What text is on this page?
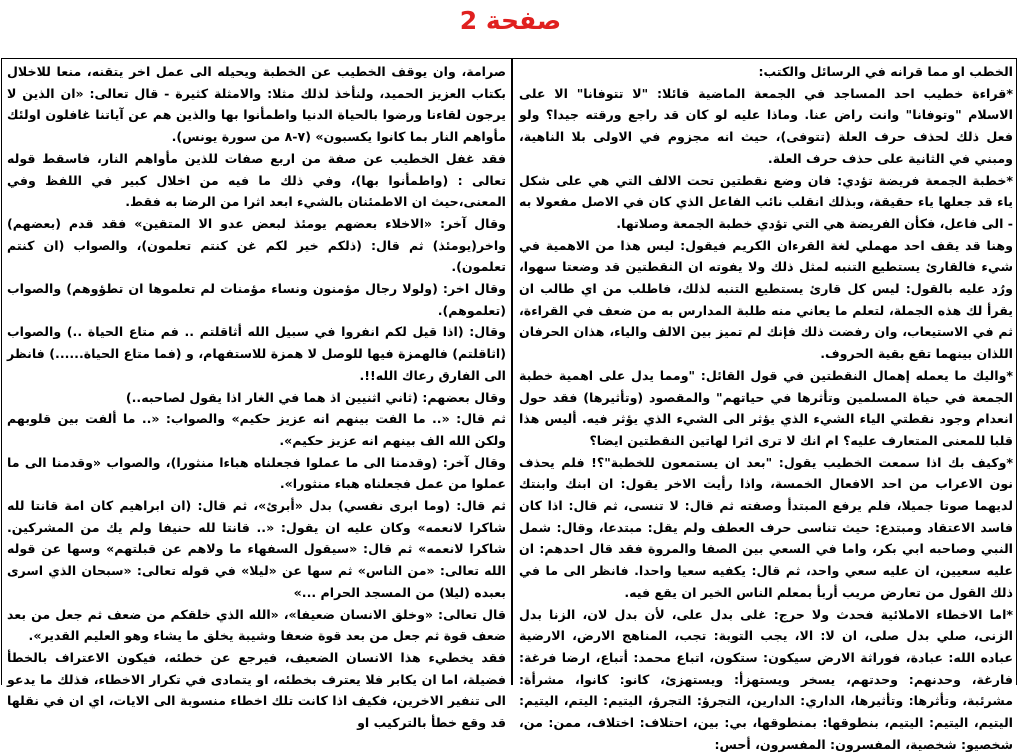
صفحة 2

الخطب او مما قرانه في الرسائل والكتب:

*قراءة خطيب احد المساجد في الجمعة الماضية قائلا: "لا تتوفانا" الا على الاسلام "وتوفانا" وانت راض عنا. وماذا عليه لو كان قد راجع ورقته جيدا؟ ولو فعل ذلك لحذف حرف العلة (تتوفى)، حيث انه مجزوم في الاولى بلا الناهية، ومبني في الثانية على حذف حرف العلة.

*خطبة الجمعة فريضة تؤدي: فان وضع نقطتين تحت الالف التي هي على شكل ياء قد جعلها ياء حقيقة، وبذلك انقلب نائب الفاعل الذي كان في الاصل مفعولا به - الى فاعل، فكأن الفريضة هي التي تؤدي خطبة الجمعة وصلاتها.

وهنا قد يقف احد مهملي لغة القرءان الكريم فيقول: ليس هذا من الاهمية في شيء فالقارئ يستطيع التنبه لمثل ذلك ولا يفوته ان النقطتين قد وضعتا سهوا، ورُد عليه بالقول: ليس كل قارئ يستطيع التنبه لذلك، فاطلب من اي طالب ان يقرأ لك هذه الجملة، لتعلم ما يعاني منه طلبة المدارس به من ضعف في القراءة، ثم في الاستيعاب، وان رفضت ذلك فإنك لم تميز بين الالف والياء، هذان الحرفان اللذان بينهما تقع بقية الحروف.

*واليك ما يعمله إهمال النقطتين في قول القائل: "ومما يدل على اهمية خطبة الجمعة في حياة المسلمين وتأثرها في حياتهم" والمقصود (وتأثيرها) فقد حول انعدام وجود نقطتي الياء الشيء الذي يؤثر الى الشيء الذي يؤثر فيه. أليس هذا قلبا للمعنى المتعارف عليه؟ ام انك لا ترى اثرا لهاتين النقطتين ايضا؟

*وكيف بك اذا سمعت الخطيب يقول: "بعد ان يستمعون للخطبة"؟! فلم يحذف نون الاعراب من احد الافعال الخمسة، واذا رأيت الاخر يقول: ان ابنك وابنتك لديهما صوتا جميلا، فلم يرفع المبتدأ وصفته ثم قال: لا تنسى، ثم قال: اذا كان فاسد الاعتقاد ومبتدع: حيث تناسى حرف العطف ولم يقل: مبتدعا، وقال: شمل النبي وصاحبه ابي بكر، واما في السعي بين الصفا والمروة فقد قال احدهم: ان عليه سعيين، ان عليه سعي واحد، ثم قال: يكفيه سعيا واحدا. فانظر الى ما في ذلك القول من تعارض مريب أربأ بمعلم الناس الخير ان يقع فيه.

*اما الاخطاء الاملائية فحدث ولا حرج: غلى بدل على، لأن بدل لان، الزنا بدل الزنى، صلي بدل صلى، ان لا: الا، يجب التوبة: تجب، المناهج الارض، الارضية عباده الله: عبادة، فوراثة الارض سيكون: ستكون، اتباع محمد: أتباع، ارضا فرغة: فارغة، وحدنهم: وحدتهم، يسخر ويستهزأ: ويستهزئ، كانو: كانوا، مشرأة: مشرئبة، وتأثرها: وتأثيرها، الداري: الدارين، التجرؤ: التجرؤ، اليتيم: اليتم، اليتيم: اليتيم، اليتيم: اليتيم، بنطوقها: بمنطوقها، بي: بين، احتلاف: اختلاف، ممن: من، شخصيو: شخصية، المفسرون: المفسرون، أحس:

صرامة، وان يوقف الخطيب عن الخطبة ويحيله الى عمل اخر يتقنه، منعا للاخلال بكتاب العزيز الحميد، ولنأخذ لذلك مثلا: والامثلة كثيرة - قال تعالى: «ان الذين لا يرجون لقاءنا ورضوا بالحياة الدنيا واطمأنوا بها والذين هم عن آياتنا غافلون اولئك مأواهم النار بما كانوا يكسبون» (٧-٨ من سورة يونس).

فقد غفل الخطيب عن صفة من اربع صفات للذين مأواهم النار، فاسقط قوله تعالى : (واطمأنوا بها)، وفي ذلك ما فيه من اخلال كبير في اللفظ وفي المعنى،حيث ان الاطمئنان بالشيء ابعد اثرا من الرضا به فقط.

وقال آخر: «الاخلاء بعضهم يومئذ لبعض عدو الا المتقين» فقد قدم (بعضهم) واخر(يومئذ) ثم قال: (ذلكم خير لكم غن كنتم تعلمون)، والصواب (ان كنتم تعلمون).

وقال اخر: (ولولا رجال مؤمنون ونساء مؤمنات لم تعلموها ان تطؤوهم) والصواب (تعلموهم).

وقال: (اذا قيل لكم انفروا في سبيل الله أثاقلتم .. فم متاع الحياة ..) والصواب (اثاقلتم) فالهمزة فيها للوصل لا همزة للاستفهام، و (فما متاع الحياة......) فانظر الى الفارق رعاك الله!!.

وقال بعضهم: (ثاني اثنيين اذ هما في الغار اذا يقول لصاحبه..)

ثم قال: «.. ما الفت بينهم انه عزيز حكيم» والصواب: «.. ما ألفت بين قلوبهم ولكن الله الف بينهم انه عزيز حكيم».

وقال آخر: (وقدمنا الى ما عملوا فجعلناه هباءا منثورا)، والصواب «وقدمنا الى ما عملوا من عمل فجعلناه هباء منثورا».

ثم قال: (وما ابرى نفسي) بدل «أبرئ»، ثم قال: (ان ابراهيم كان امة قانتا لله شاكرا لانعمه» وكان عليه ان يقول: «.. قانتا لله حنيفا ولم يك من المشركين. شاكرا لانعمه» ثم قال: «سيقول السفهاء ما ولاهم عن قبلتهم» وسها عن قوله الله تعالى: «من الناس» ثم سها عن «ليلا» في قوله تعالى: «سبحان الذي اسرى بعبده (ليلا) من المسجد الحرام ...»

قال تعالى: «وخلق الانسان ضعيفا»، «الله الذي خلقكم من ضعف ثم جعل من بعد ضعف قوة ثم جعل من بعد قوة ضعفا وشيبة يخلق ما يشاء وهو العليم القدير».

فقد يخطيء هذا الانسان الضعيف، فيرجع عن خطئه، فيكون الاعتراف بالخطأ فضيلة، اما ان يكابر فلا يعترف بخطئه، او يتمادى في تكرار الاخطاء، فذلك ما يدعو الى تنفير الاخرين، فكيف اذا كانت تلك اخطاء منسوبة الى الايات، اي ان في نقلها قد وقع خطأ بالتركيب او
